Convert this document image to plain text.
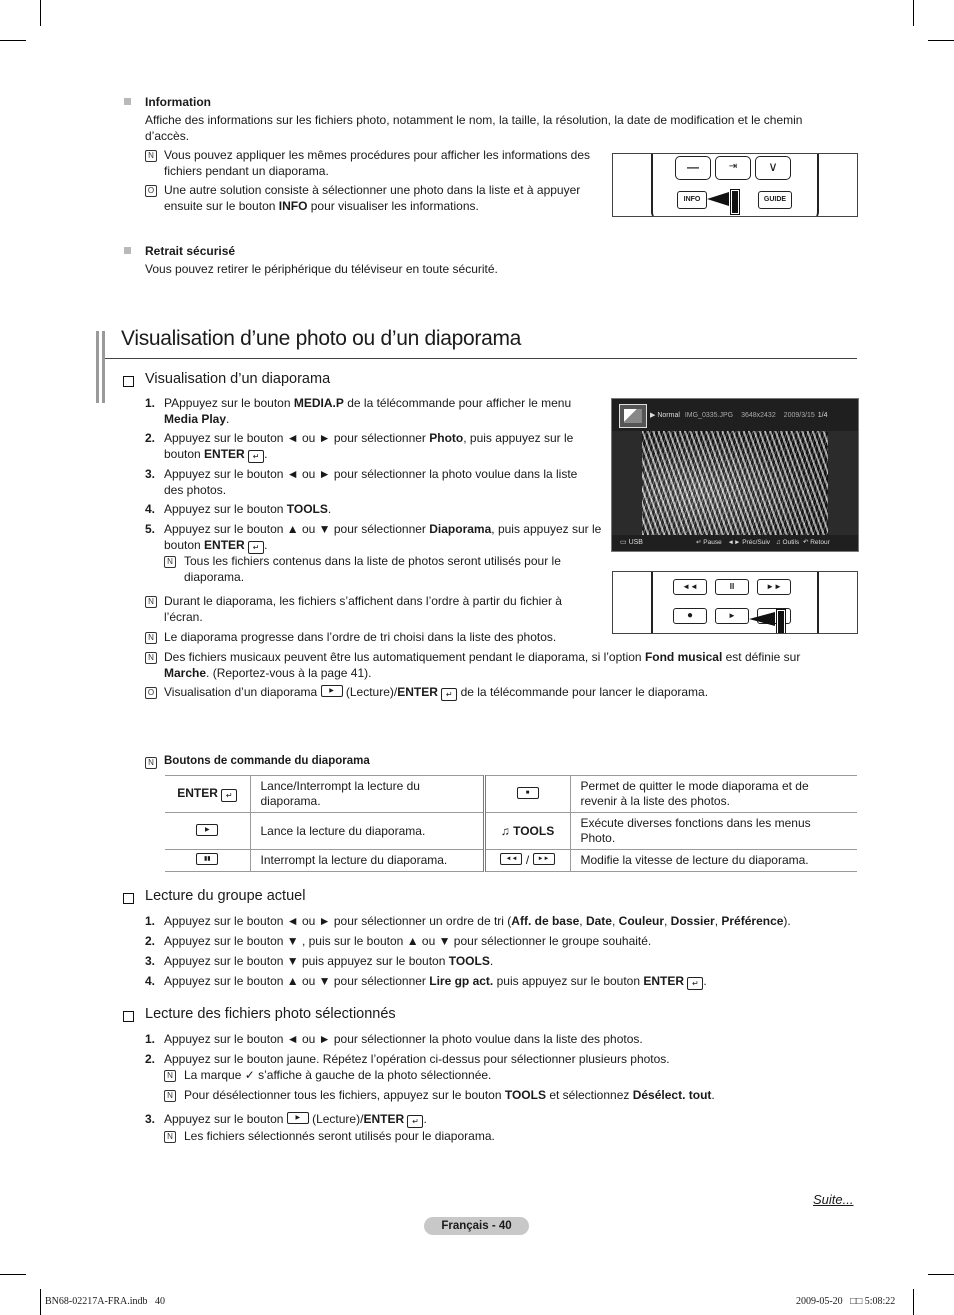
Information
Affiche des informations sur les fichiers photo, notamment le nom, la taille, la résolution, la date de modification et le chemin d’accès.
N Vous pouvez appliquer les mêmes procédures pour afficher les informations des fichiers pendant un diaporama.
O Une autre solution consiste à sélectionner une photo dans la liste et à appuyer ensuite sur le bouton INFO pour visualiser les informations.
—	⇥	∨
INFO	GUIDE
Retrait sécurisé
Vous pouvez retirer le périphérique du téléviseur en toute sécurité.
Visualisation d’une photo ou d’un diaporama
Visualisation d’un diaporama
1. PAppuyez sur le bouton MEDIA.P de la télécommande pour afficher le menu Media Play.
2. Appuyez sur le bouton ◄ ou ► pour sélectionner Photo, puis appuyez sur le bouton ENTER ↵ .
3. Appuyez sur le bouton ◄ ou ► pour sélectionner la photo voulue dans la liste des photos.
4. Appuyez sur le bouton TOOLS.
5. Appuyez sur le bouton ▲ ou ▼ pour sélectionner Diaporama, puis appuyez sur le bouton ENTER ↵ .
N Tous les fichiers contenus dans la liste de photos seront utilisés pour le diaporama.
N Durant le diaporama, les fichiers s’affichent dans l’ordre à partir du fichier à l’écran.
N Le diaporama progresse dans l’ordre de tri choisi dans la liste des photos.
N Des fichiers musicaux peuvent être lus automatiquement pendant le diaporama, si l’option Fond musical est définie sur Marche. (Reportez-vous à la page 41).
O Visualisation d’un diaporama ▶ (Lecture)/ENTER ↵ de la télécommande pour lancer le diaporama.
▶ Normal IMG_0335.JPG 3648x2432 2009/3/15 1/4
▭ USB	↵ Pause ◄► Préc/Suiv ♫ Outils ↶ Retour
◄◄	II	►►
●	►
N Boutons de commande du diaporama
ENTER ↵	Lance/Interrompt la lecture du diaporama.	■	Permet de quitter le mode diaporama et de revenir à la liste des photos.

▶	Lance la lecture du diaporama.	♫ TOOLS	Exécute diverses fonctions dans les menus Photo.

▮▮	Interrompt la lecture du diaporama.	◄◄ / ►►	Modifie la vitesse de lecture du diaporama.
Lecture du groupe actuel
1. Appuyez sur le bouton ◄ ou ► pour sélectionner un ordre de tri (Aff. de base, Date, Couleur, Dossier, Préférence).
2. Appuyez sur le bouton ▼ , puis sur le bouton ▲ ou ▼ pour sélectionner le groupe souhaité.
3. Appuyez sur le bouton ▼ puis appuyez sur le bouton TOOLS.
4. Appuyez sur le bouton ▲ ou ▼ pour sélectionner Lire gp act. puis appuyez sur le bouton ENTER ↵ .
Lecture des fichiers photo sélectionnés
1. Appuyez sur le bouton ◄ ou ► pour sélectionner la photo voulue dans la liste des photos.
2. Appuyez sur le bouton jaune. Répétez l’opération ci-dessus pour sélectionner plusieurs photos.
N La marque ✓ s’affiche à gauche de la photo sélectionnée.
N Pour désélectionner tous les fichiers, appuyez sur le bouton TOOLS et sélectionnez Désélect. tout.
3. Appuyez sur le bouton ▶ (Lecture)/ENTER ↵ .
N Les fichiers sélectionnés seront utilisés pour le diaporama.
Suite...
Français - 40
BN68-02217A-FRA.indb   40	2009-05-20   □□ 5:08:22
